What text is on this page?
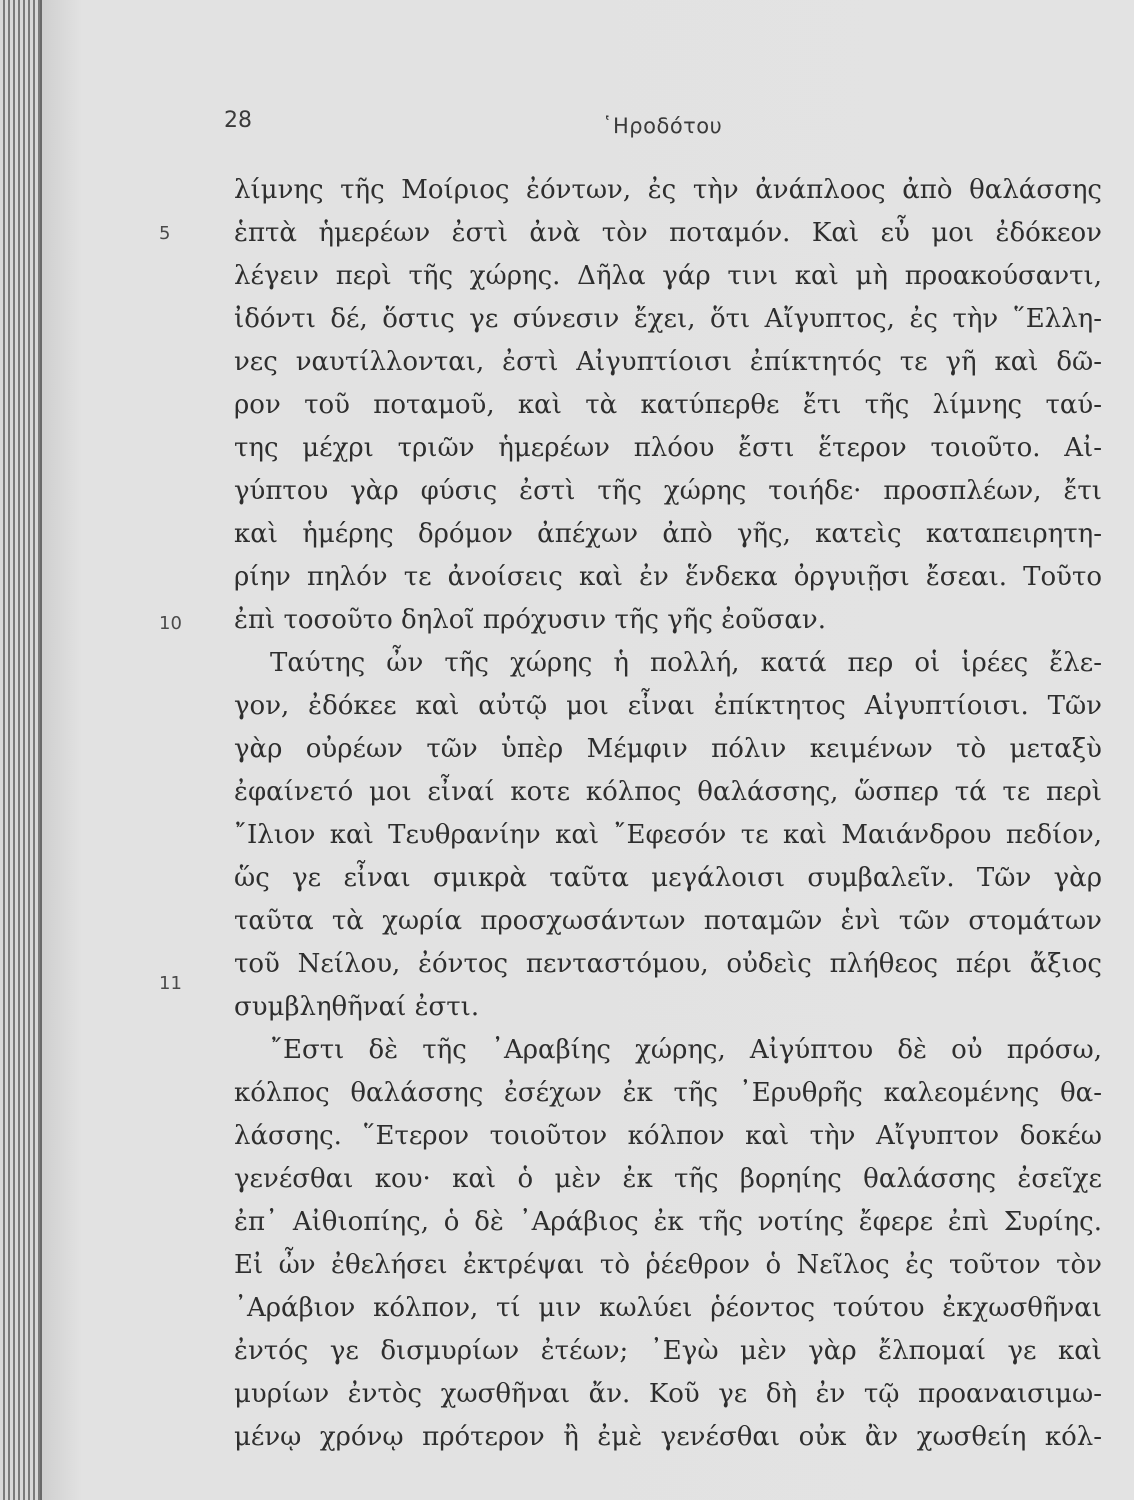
28	῾Ηροδότου
5
10
11
λίμνης τῆς Μοίριος ἐόντων, ἐς τὴν ἀνάπλοος ἀπὸ θαλάσσης
ἑπτὰ ἡμερέων ἐστὶ ἀνὰ τὸν ποταμόν. Καὶ εὖ μοι ἐδόκεον
λέγειν περὶ τῆς χώρης. Δῆλα γάρ τινι καὶ μὴ προακούσαντι,
ἰδόντι δέ, ὅστις γε σύνεσιν ἔχει, ὅτι Αἴγυπτος, ἐς τὴν ῞Ελλη-
νες ναυτίλλονται, ἐστὶ Αἰγυπτίοισι ἐπίκτητός τε γῆ καὶ δῶ-
ρον τοῦ ποταμοῦ, καὶ τὰ κατύπερθε ἔτι τῆς λίμνης ταύ-
της μέχρι τριῶν ἡμερέων πλόου ἔστι ἕτερον τοιοῦτο. Αἰ-
γύπτου γὰρ φύσις ἐστὶ τῆς χώρης τοιήδε· προσπλέων, ἔτι
καὶ ἡμέρης δρόμον ἀπέχων ἀπὸ γῆς, κατεὶς καταπειρητη-
ρίην πηλόν τε ἀνοίσεις καὶ ἐν ἕνδεκα ὀργυιῇσι ἔσεαι. Τοῦτο
ἐπὶ τοσοῦτο δηλοῖ πρόχυσιν τῆς γῆς ἐοῦσαν.
Ταύτης ὦν τῆς χώρης ἡ πολλή, κατά περ οἱ ἱρέες ἔλε-
γον, ἐδόκεε καὶ αὐτῷ μοι εἶναι ἐπίκτητος Αἰγυπτίοισι. Τῶν
γὰρ οὐρέων τῶν ὑπὲρ Μέμφιν πόλιν κειμένων τὸ μεταξὺ
ἐφαίνετό μοι εἶναί κοτε κόλπος θαλάσσης, ὥσπερ τά τε περὶ
῎Ιλιον καὶ Τευθρανίην καὶ ῎Εφεσόν τε καὶ Μαιάνδρου πεδίον,
ὥς γε εἶναι σμικρὰ ταῦτα μεγάλοισι συμβαλεῖν. Τῶν γὰρ
ταῦτα τὰ χωρία προσχωσάντων ποταμῶν ἑνὶ τῶν στομάτων
τοῦ Νείλου, ἐόντος πενταστόμου, οὐδεὶς πλήθεος πέρι ἄξιος
συμβληθῆναί ἐστι.
῎Εστι δὲ τῆς ᾿Αραβίης χώρης, Αἰγύπτου δὲ οὐ πρόσω,
κόλπος θαλάσσης ἐσέχων ἐκ τῆς ᾿Ερυθρῆς καλεομένης θα-
λάσσης. ῞Ετερον τοιοῦτον κόλπον καὶ τὴν Αἴγυπτον δοκέω
γενέσθαι κου· καὶ ὁ μὲν ἐκ τῆς βορηίης θαλάσσης ἐσεῖχε
ἐπ᾿ Αἰθιοπίης, ὁ δὲ ᾿Αράβιος ἐκ τῆς νοτίης ἔφερε ἐπὶ Συρίης.
Εἰ ὦν ἐθελήσει ἐκτρέψαι τὸ ῥέεθρον ὁ Νεῖλος ἐς τοῦτον τὸν
᾿Αράβιον κόλπον, τί μιν κωλύει ῥέοντος τούτου ἐκχωσθῆναι
ἐντός γε δισμυρίων ἐτέων; ᾿Εγὼ μὲν γὰρ ἔλπομαί γε καὶ
μυρίων ἐντὸς χωσθῆναι ἄν. Κοῦ γε δὴ ἐν τῷ προαναισιμω-
μένῳ χρόνῳ πρότερον ἢ ἐμὲ γενέσθαι οὐκ ἂν χωσθείη κόλ-
